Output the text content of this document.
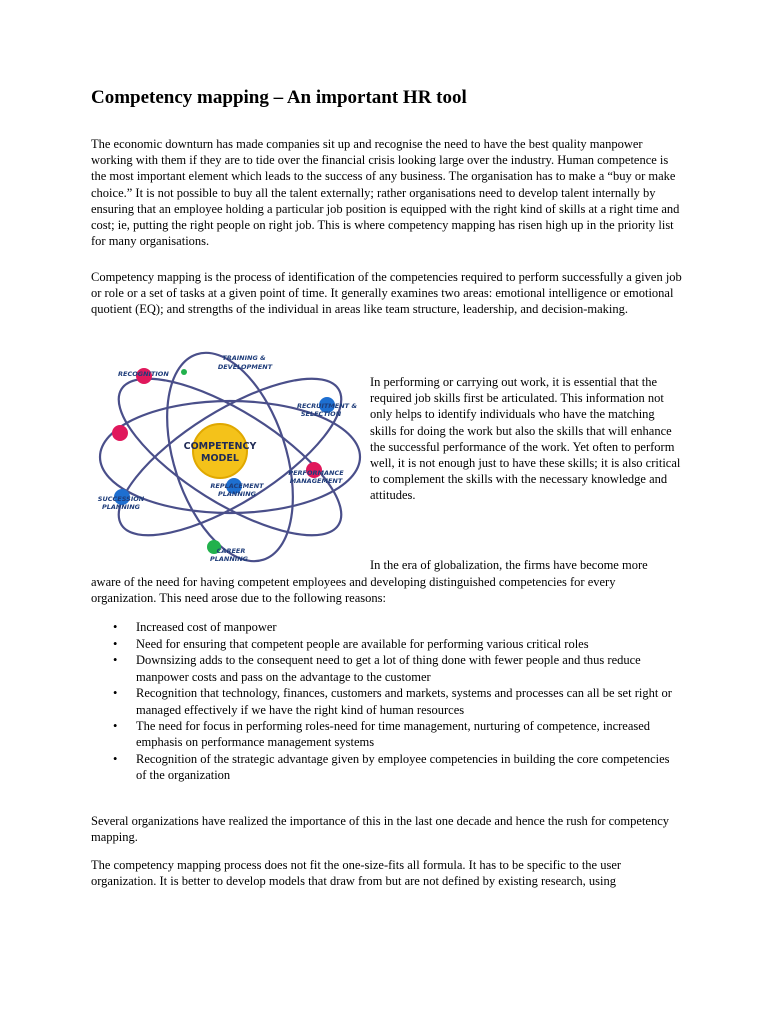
Competency mapping – An important HR tool

The economic downturn has made companies sit up and recognise the need to have the best quality manpower working with them if they are to tide over the financial crisis looking large over the industry. Human competence is the most important element which leads to the success of any business. The organisation has to make a “buy or make choice.” It is not possible to buy all the talent externally; rather organisations need to develop talent internally by ensuring that an employee holding a particular job position is equipped with the right kind of skills at a right time and cost; ie, putting the right people on right job. This is where competency mapping has risen high up in the priority list for many organisations.

Competency mapping is the process of identification of the competencies required to perform successfully a given job or role or a set of tasks at a given point of time. It generally examines two areas: emotional intelligence or emotional quotient (EQ); and strengths of the individual in areas like team structure, leadership, and decision-making.

COMPETENCY
MODEL
RECOGNITION
TRAINING &
DEVELOPMENT
RECRUITMENT &
SELECTION
PERFORMANCE
MANAGEMENT
REPLACEMENT
PLANNING
SUCCESSION
PLANNING
CAREER
PLANNING

In performing or carrying out work, it is essential that the required job skills first be articulated. This information not only helps to identify individuals who have the matching skills for doing the work but also the skills that will enhance the successful performance of the work. Yet often to perform well, it is not enough just to have these skills; it is also critical to complement the skills with the necessary knowledge and attitudes.

In the era of globalization, the firms have become more

aware of the need for having competent employees and developing distinguished competencies for every organization. This need arose due to the following reasons:

• Increased cost of manpower
• Need for ensuring that competent people are available for performing various critical roles
• Downsizing adds to the consequent need to get a lot of thing done with fewer people and thus reduce manpower costs and pass on the advantage to the customer
• Recognition that technology, finances, customers and markets, systems and processes can all be set right or managed effectively if we have the right kind of human resources
• The need for focus in performing roles-need for time management, nurturing of competence, increased emphasis on performance management systems
• Recognition of the strategic advantage given by employee competencies in building the core competencies of the organization

Several organizations have realized the importance of this in the last one decade and hence the rush for competency mapping.

The competency mapping process does not fit the one-size-fits all formula. It has to be specific to the user organization. It is better to develop models that draw from but are not defined by existing research, using
